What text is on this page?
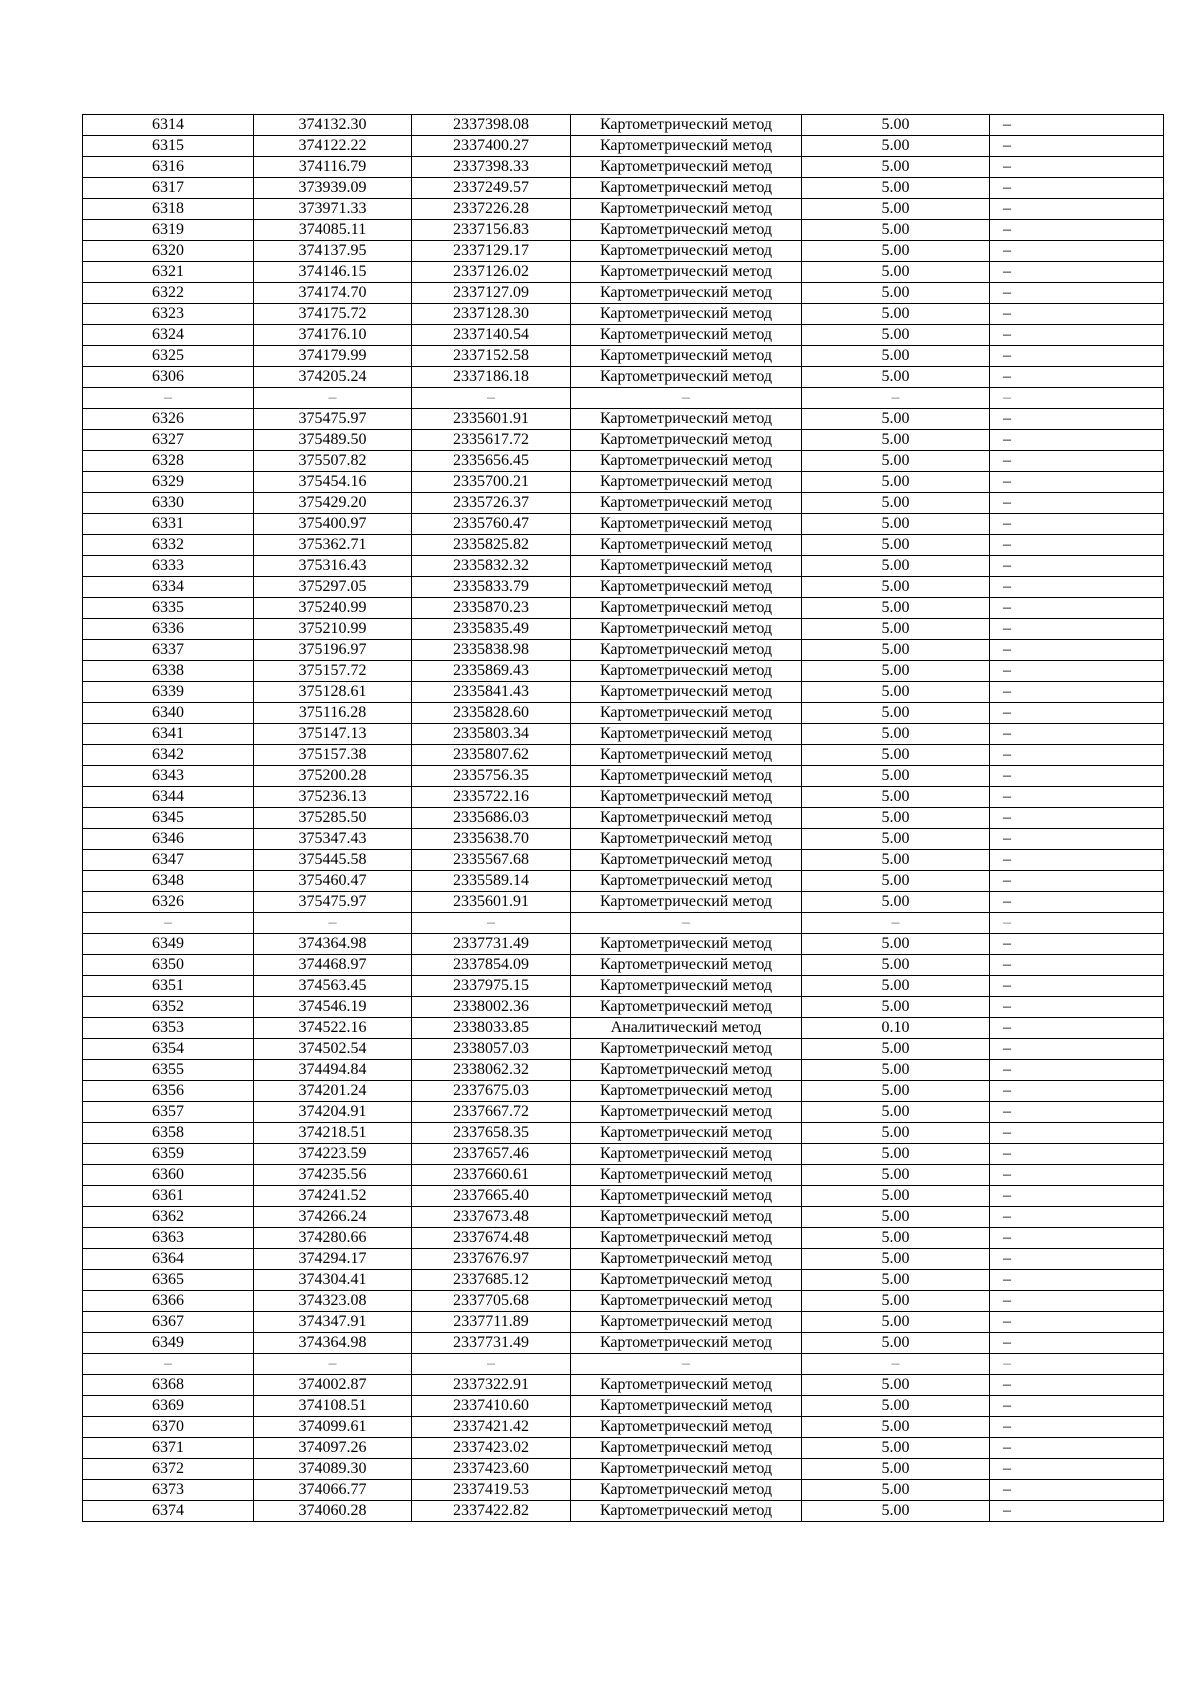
6314	374132.30	2337398.08	Картометрический метод	5.00	–
6315	374122.22	2337400.27	Картометрический метод	5.00	–
6316	374116.79	2337398.33	Картометрический метод	5.00	–
6317	373939.09	2337249.57	Картометрический метод	5.00	–
6318	373971.33	2337226.28	Картометрический метод	5.00	–
6319	374085.11	2337156.83	Картометрический метод	5.00	–
6320	374137.95	2337129.17	Картометрический метод	5.00	–
6321	374146.15	2337126.02	Картометрический метод	5.00	–
6322	374174.70	2337127.09	Картометрический метод	5.00	–
6323	374175.72	2337128.30	Картометрический метод	5.00	–
6324	374176.10	2337140.54	Картометрический метод	5.00	–
6325	374179.99	2337152.58	Картометрический метод	5.00	–
6306	374205.24	2337186.18	Картометрический метод	5.00	–
–	–	–	–	–	–
6326	375475.97	2335601.91	Картометрический метод	5.00	–
6327	375489.50	2335617.72	Картометрический метод	5.00	–
6328	375507.82	2335656.45	Картометрический метод	5.00	–
6329	375454.16	2335700.21	Картометрический метод	5.00	–
6330	375429.20	2335726.37	Картометрический метод	5.00	–
6331	375400.97	2335760.47	Картометрический метод	5.00	–
6332	375362.71	2335825.82	Картометрический метод	5.00	–
6333	375316.43	2335832.32	Картометрический метод	5.00	–
6334	375297.05	2335833.79	Картометрический метод	5.00	–
6335	375240.99	2335870.23	Картометрический метод	5.00	–
6336	375210.99	2335835.49	Картометрический метод	5.00	–
6337	375196.97	2335838.98	Картометрический метод	5.00	–
6338	375157.72	2335869.43	Картометрический метод	5.00	–
6339	375128.61	2335841.43	Картометрический метод	5.00	–
6340	375116.28	2335828.60	Картометрический метод	5.00	–
6341	375147.13	2335803.34	Картометрический метод	5.00	–
6342	375157.38	2335807.62	Картометрический метод	5.00	–
6343	375200.28	2335756.35	Картометрический метод	5.00	–
6344	375236.13	2335722.16	Картометрический метод	5.00	–
6345	375285.50	2335686.03	Картометрический метод	5.00	–
6346	375347.43	2335638.70	Картометрический метод	5.00	–
6347	375445.58	2335567.68	Картометрический метод	5.00	–
6348	375460.47	2335589.14	Картометрический метод	5.00	–
6326	375475.97	2335601.91	Картометрический метод	5.00	–
–	–	–	–	–	–
6349	374364.98	2337731.49	Картометрический метод	5.00	–
6350	374468.97	2337854.09	Картометрический метод	5.00	–
6351	374563.45	2337975.15	Картометрический метод	5.00	–
6352	374546.19	2338002.36	Картометрический метод	5.00	–
6353	374522.16	2338033.85	Аналитический метод	0.10	–
6354	374502.54	2338057.03	Картометрический метод	5.00	–
6355	374494.84	2338062.32	Картометрический метод	5.00	–
6356	374201.24	2337675.03	Картометрический метод	5.00	–
6357	374204.91	2337667.72	Картометрический метод	5.00	–
6358	374218.51	2337658.35	Картометрический метод	5.00	–
6359	374223.59	2337657.46	Картометрический метод	5.00	–
6360	374235.56	2337660.61	Картометрический метод	5.00	–
6361	374241.52	2337665.40	Картометрический метод	5.00	–
6362	374266.24	2337673.48	Картометрический метод	5.00	–
6363	374280.66	2337674.48	Картометрический метод	5.00	–
6364	374294.17	2337676.97	Картометрический метод	5.00	–
6365	374304.41	2337685.12	Картометрический метод	5.00	–
6366	374323.08	2337705.68	Картометрический метод	5.00	–
6367	374347.91	2337711.89	Картометрический метод	5.00	–
6349	374364.98	2337731.49	Картометрический метод	5.00	–
–	–	–	–	–	–
6368	374002.87	2337322.91	Картометрический метод	5.00	–
6369	374108.51	2337410.60	Картометрический метод	5.00	–
6370	374099.61	2337421.42	Картометрический метод	5.00	–
6371	374097.26	2337423.02	Картометрический метод	5.00	–
6372	374089.30	2337423.60	Картометрический метод	5.00	–
6373	374066.77	2337419.53	Картометрический метод	5.00	–
6374	374060.28	2337422.82	Картометрический метод	5.00	–
